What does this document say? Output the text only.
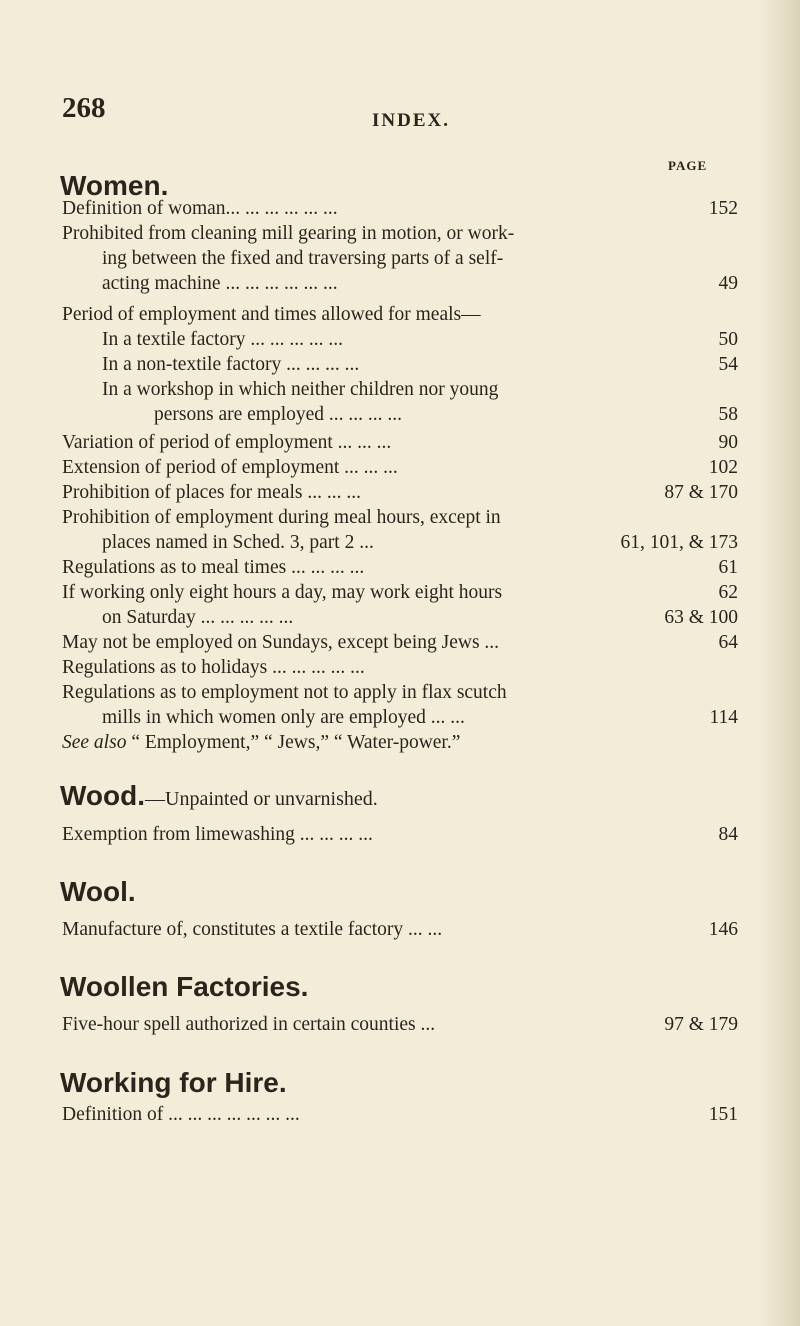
268	INDEX.
PAGE
Women.
Definition of woman... ... ... ... ... ...	152
Prohibited from cleaning mill gearing in motion, or work-
ing between the fixed and traversing parts of a self-
acting machine ... ... ... ... ... ...	49
Period of employment and times allowed for meals—
In a textile factory ... ... ... ... ...	50
In a non-textile factory ... ... ... ...	54
In a workshop in which neither children nor young
persons are employed ... ... ... ...	58
Variation of period of employment ... ... ...	90
Extension of period of employment ... ... ...	102
Prohibition of places for meals ... ... ...	87 & 170
Prohibition of employment during meal hours, except in
places named in Sched. 3, part 2 ...	61, 101, & 173
Regulations as to meal times ... ... ... ...	61
If working only eight hours a day, may work eight hours	62
on Saturday ... ... ... ... ...	63 & 100
May not be employed on Sundays, except being Jews ...	64
Regulations as to holidays ... ... ... ... ...
Regulations as to employment not to apply in flax scutch
mills in which women only are employed ... ...	114
See also “ Employment,” “ Jews,” “ Water-power.”
Wood.—Unpainted or unvarnished.
Exemption from limewashing ... ... ... ...	84
Wool.
Manufacture of, constitutes a textile factory ... ...	146
Woollen Factories.
Five-hour spell authorized in certain counties ...	97 & 179
Working for Hire.
Definition of ... ... ... ... ... ... ...	151
